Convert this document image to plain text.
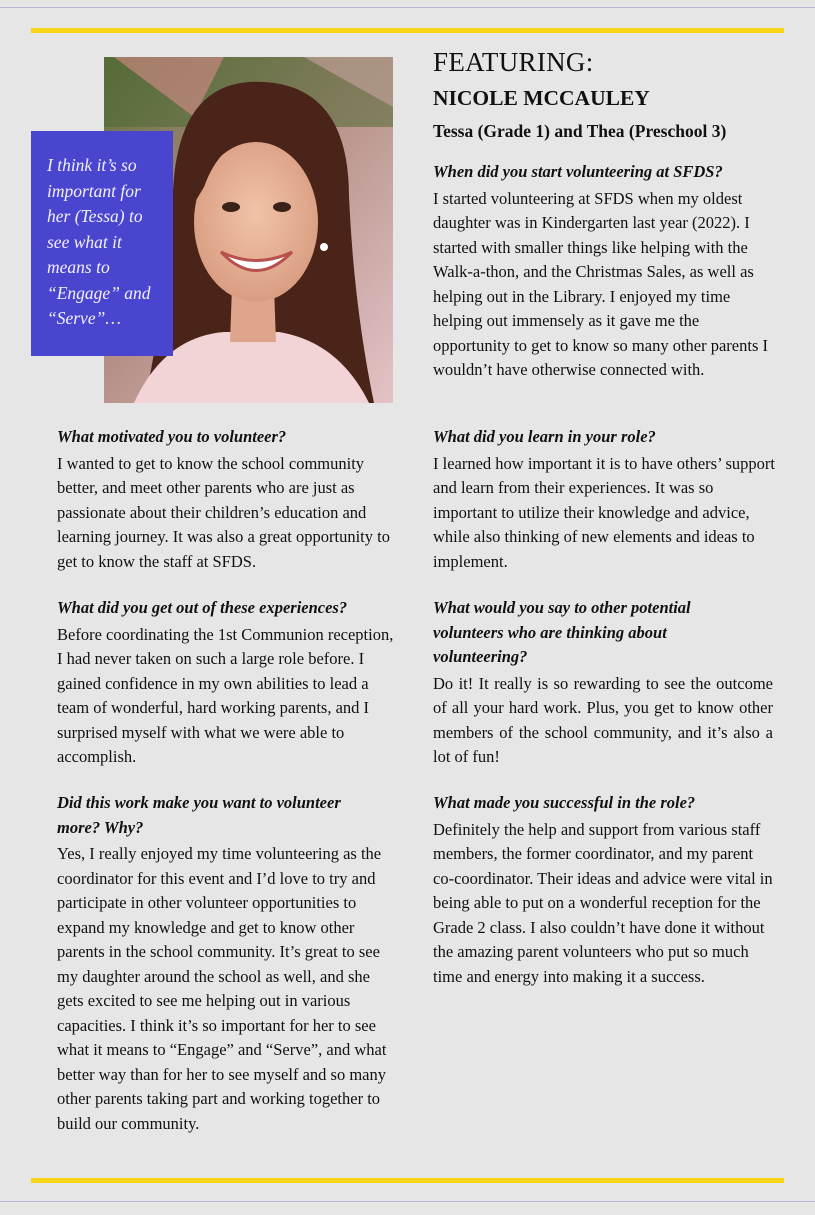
I think it’s so important for her (Tessa) to see what it means to “Engage” and “Serve”…

FEATURING:
NICOLE MCCAULEY
Tessa (Grade 1) and Thea (Preschool 3)

When did you start volunteering at SFDS?

I started volunteering at SFDS when my oldest daughter was in Kindergarten last year (2022). I started with smaller things like helping with the Walk-a-thon, and the Christmas Sales, as well as helping out in the Library. I enjoyed my time helping out immensely as it gave me the opportunity to get to know so many other parents I wouldn’t have otherwise connected with.

What motivated you to volunteer?

I wanted to get to know the school community better, and meet other parents who are just as passionate about their children’s education and learning journey. It was also a great opportunity to get to know the staff at SFDS.

What did you get out of these experiences?

Before coordinating the 1st Communion reception, I had never taken on such a large role before. I gained confidence in my own abilities to lead a team of wonderful, hard working parents, and I surprised myself with what we were able to accomplish.

Did this work make you want to volunteer more? Why?

Yes, I really enjoyed my time volunteering as the coordinator for this event and I’d love to try and participate in other volunteer opportunities to expand my knowledge and get to know other parents in the school community. It’s great to see my daughter around the school as well, and she gets excited to see me helping out in various capacities. I think it’s so important for her to see what it means to “Engage” and “Serve”, and what better way than for her to see myself and so many other parents taking part and working together to build our community.

What did you learn in your role?

I learned how important it is to have others’ support and learn from their experiences. It was so important to utilize their knowledge and advice, while also thinking of new elements and ideas to implement.

What would you say to other potential volunteers who are thinking about volunteering?

Do it! It really is so rewarding to see the outcome of all your hard work. Plus, you get to know other members of the school community, and it’s also a lot of fun!

What made you successful in the role?

Definitely the help and support from various staff members, the former coordinator, and my parent co-coordinator. Their ideas and advice were vital in being able to put on a wonderful reception for the Grade 2 class. I also couldn’t have done it without the amazing parent volunteers who put so much time and energy into making it a success.
